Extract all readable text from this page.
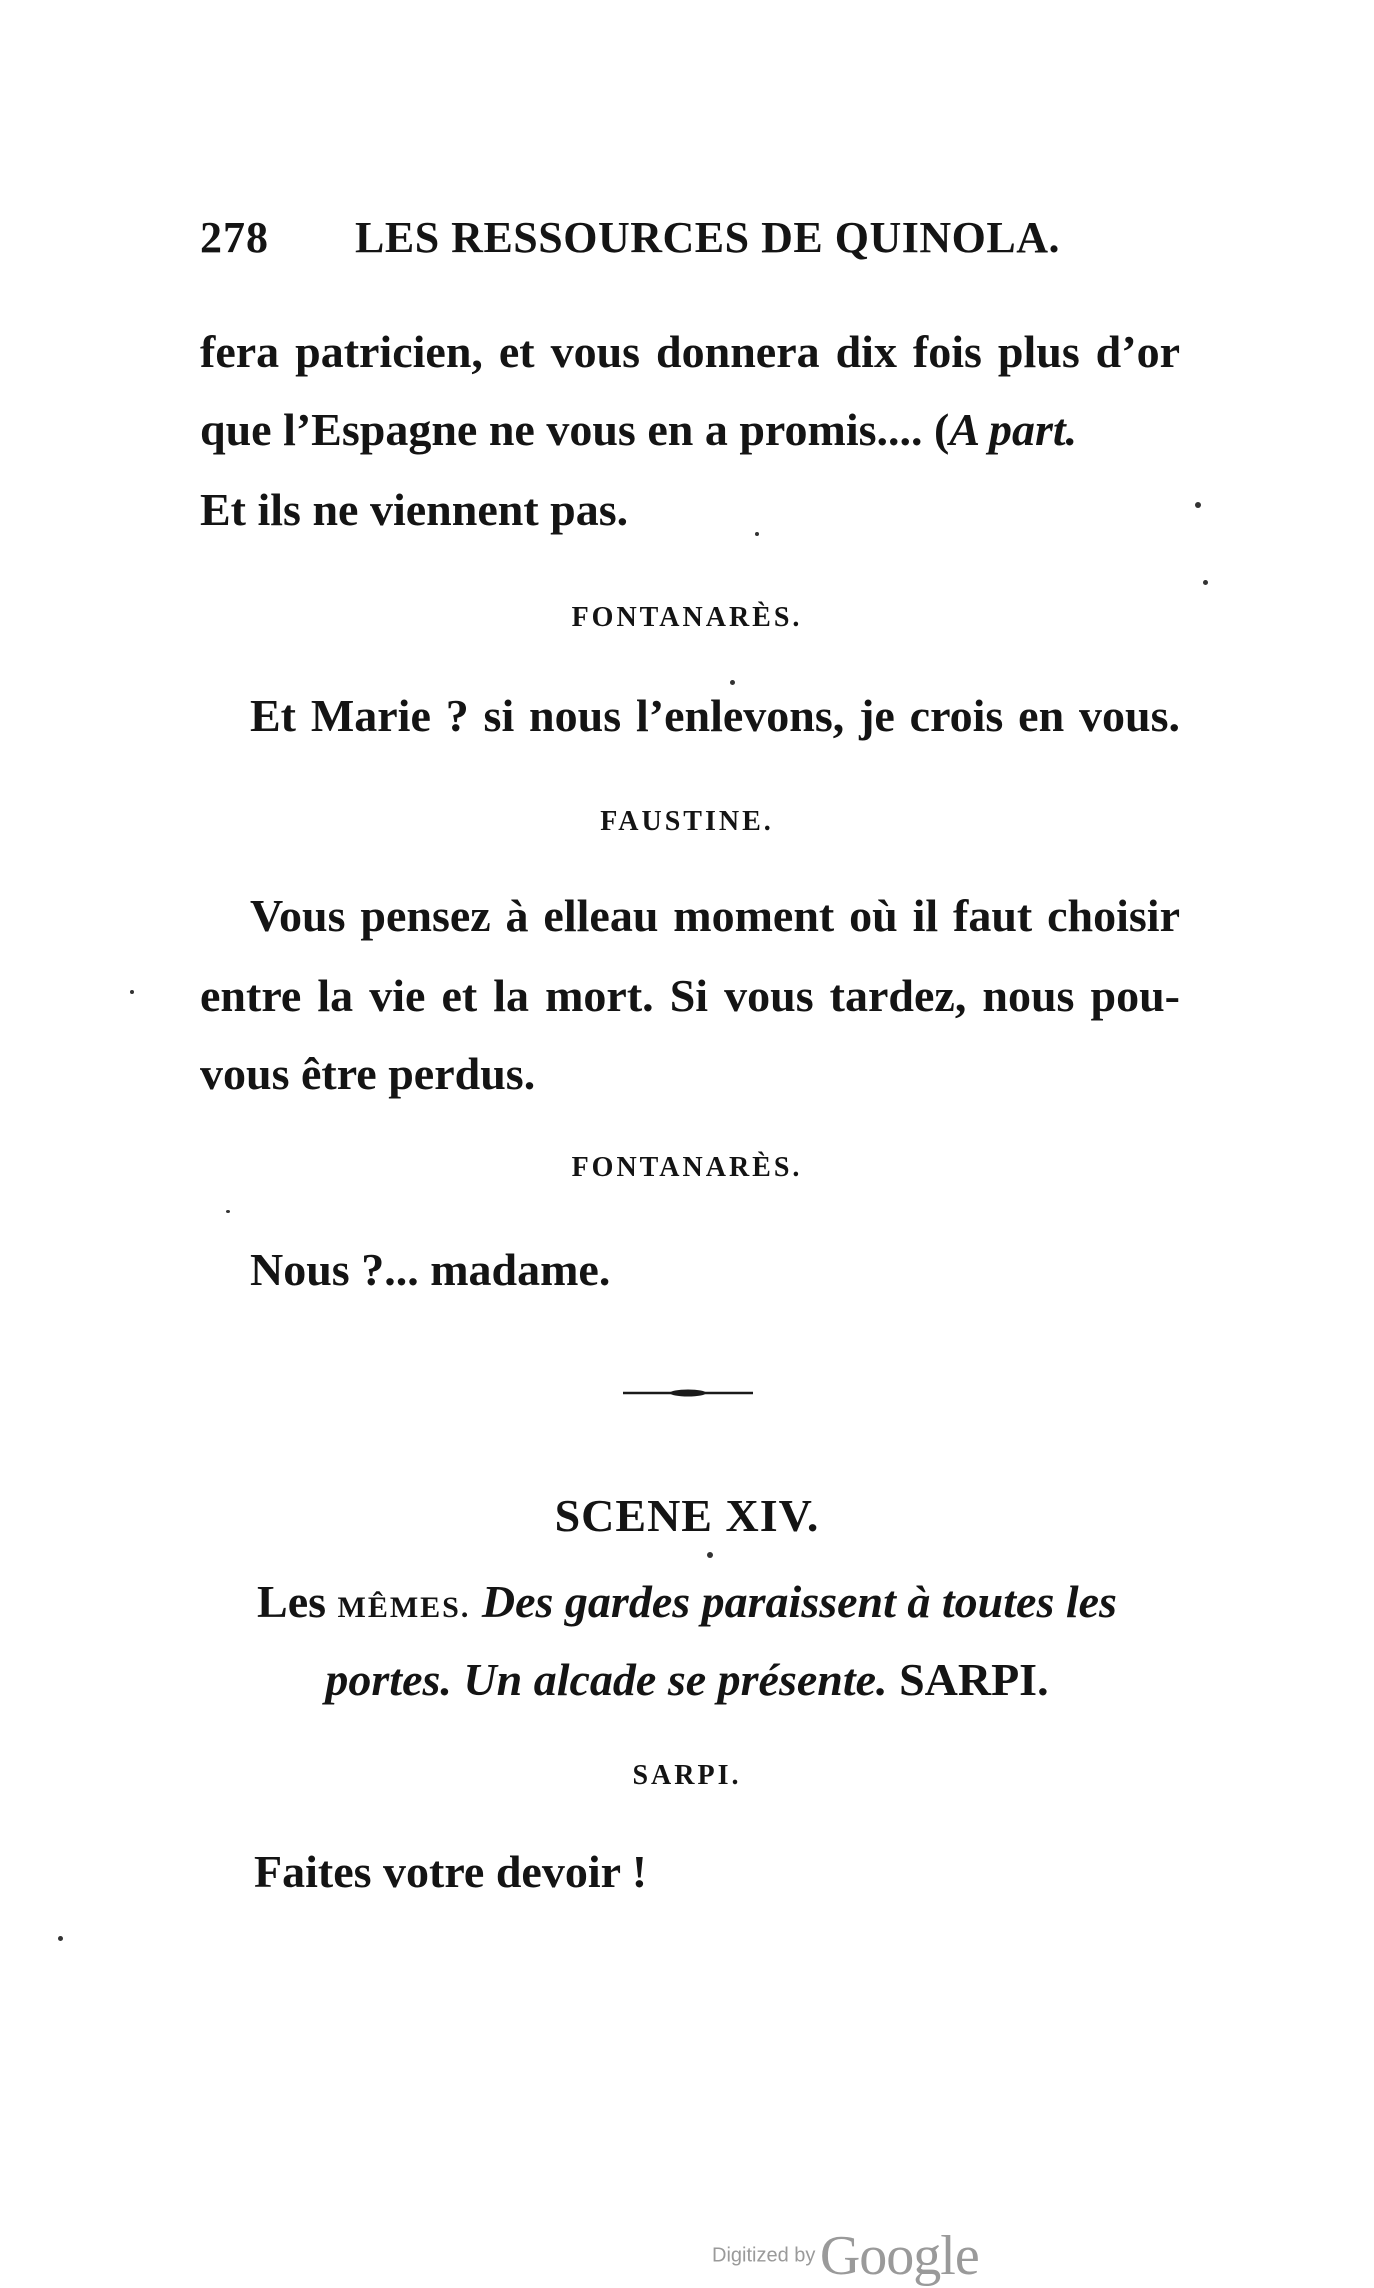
278 LES RESSOURCES DE QUINOLA.
fera patricien, et vous donnera dix fois plus d’or
que l’Espagne ne vous en a promis.... (A part.
Et ils ne viennent pas.
FONTANARÈS.
Et Marie ? si nous l’enlevons, je crois en vous.
FAUSTINE.
Vous pensez à elleau moment où il faut choisir
entre la vie et la mort. Si vous tardez, nous pou-
vous être perdus.
FONTANARÈS.
Nous ?... madame.
SCENE XIV.
Les MÊMES. Des gardes paraissent à toutes les
portes. Un alcade se présente. SARPI.
SARPI.
Faites votre devoir !
Digitized by Google
